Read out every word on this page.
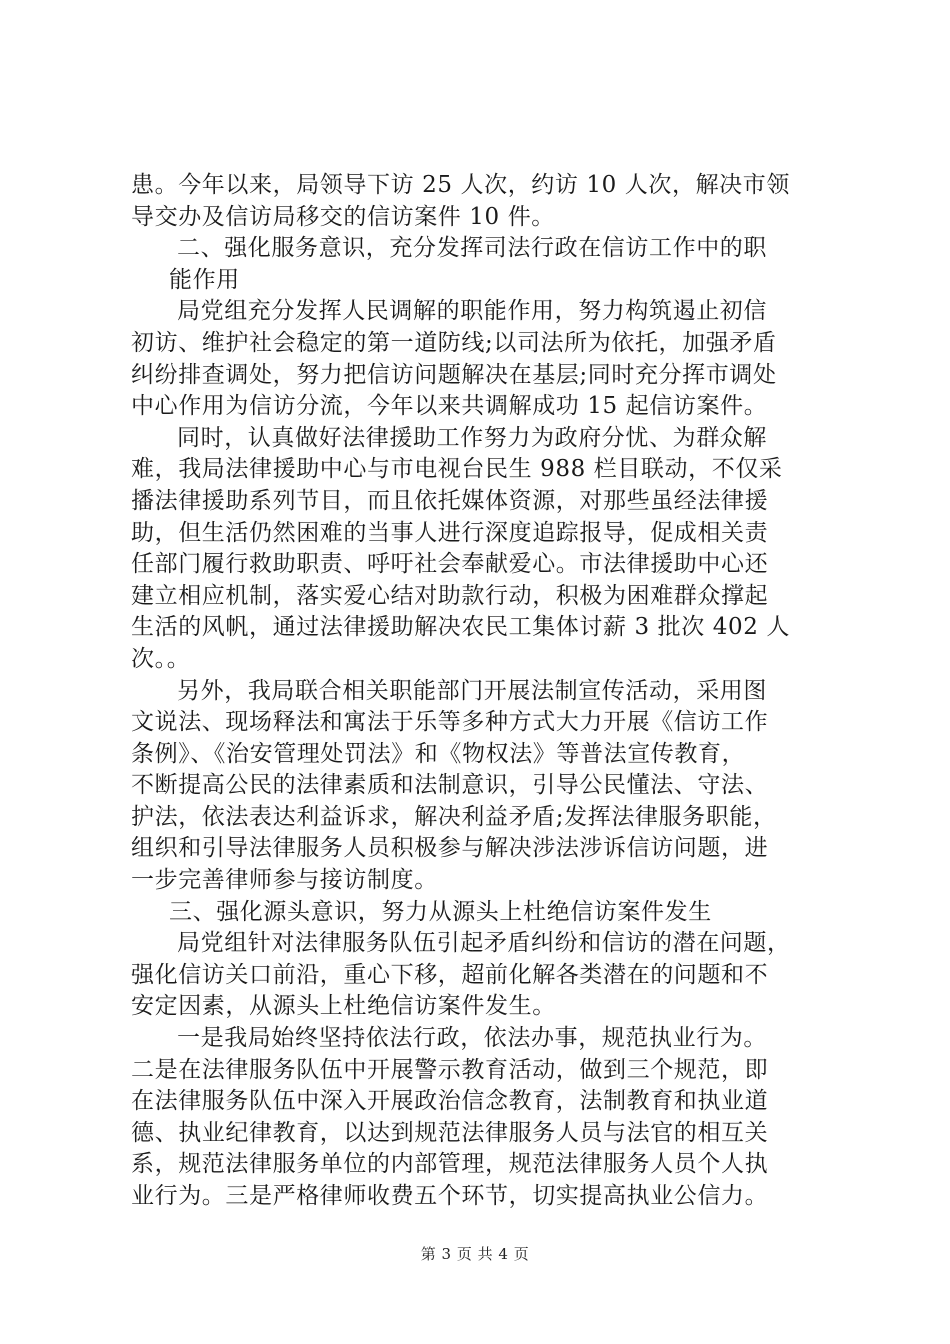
患。今年以来，局领导下访 25 人次，约访 10 人次，解决市领
导交办及信访局移交的信访案件 10 件。
二、强化服务意识，充分发挥司法行政在信访工作中的职
能作用
局党组充分发挥人民调解的职能作用，努力构筑遏止初信
初访、维护社会稳定的第一道防线;以司法所为依托，加强矛盾
纠纷排查调处，努力把信访问题解决在基层;同时充分挥市调处
中心作用为信访分流，今年以来共调解成功 15 起信访案件。
同时，认真做好法律援助工作努力为政府分忧、为群众解
难，我局法律援助中心与市电视台民生 988 栏目联动，不仅采
播法律援助系列节目，而且依托媒体资源，对那些虽经法律援
助，但生活仍然困难的当事人进行深度追踪报导，促成相关责
任部门履行救助职责、呼吁社会奉献爱心。市法律援助中心还
建立相应机制，落实爱心结对助款行动，积极为困难群众撑起
生活的风帆，通过法律援助解决农民工集体讨薪 3 批次 402 人
次。。
另外，我局联合相关职能部门开展法制宣传活动，采用图
文说法、现场释法和寓法于乐等多种方式大力开展《信访工作
条例》、《治安管理处罚法》和《物权法》等普法宣传教育，
不断提高公民的法律素质和法制意识，引导公民懂法、守法、
护法，依法表达利益诉求，解决利益矛盾;发挥法律服务职能，
组织和引导法律服务人员积极参与解决涉法涉诉信访问题，进
一步完善律师参与接访制度。
三、强化源头意识，努力从源头上杜绝信访案件发生
局党组针对法律服务队伍引起矛盾纠纷和信访的潜在问题，
强化信访关口前沿，重心下移，超前化解各类潜在的问题和不
安定因素，从源头上杜绝信访案件发生。
一是我局始终坚持依法行政，依法办事，规范执业行为。
二是在法律服务队伍中开展警示教育活动，做到三个规范，即
在法律服务队伍中深入开展政治信念教育，法制教育和执业道
德、执业纪律教育，以达到规范法律服务人员与法官的相互关
系，规范法律服务单位的内部管理，规范法律服务人员个人执
业行为。三是严格律师收费五个环节，切实提高执业公信力。
第 3 页 共 4 页
